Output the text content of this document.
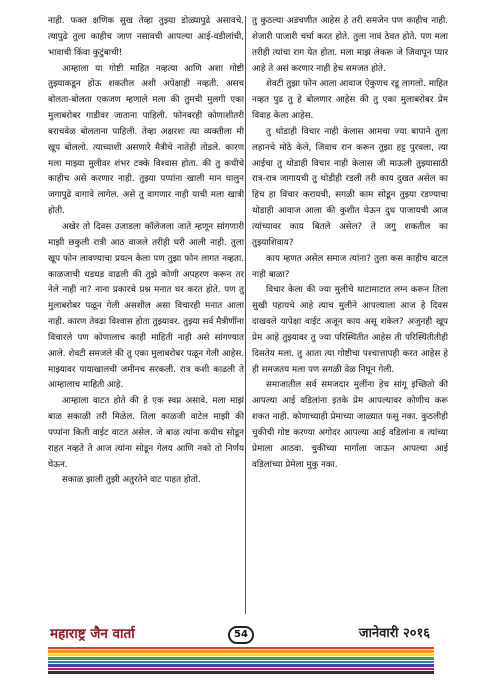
नाही. फक्त क्षणिक सुख तेव्हा तुझ्या डोळ्यापुढे असावचे. त्यापुढे तुला काहीच जाण नसावची आपल्या आई-वडीलांची, भावाची किंवा कुटुंबाची!

आम्हाला या गोष्टी माहित नव्हत्या आणि अशा गोष्टी तुझ्याकडून होऊ शकतील अशी अपेक्षाही नव्हती. असच बोलता-बोलता एकजण म्हणाले मला की तुमची मुलगी एका मुलाबरोबर गाडीवर जाताना पाहिली. फोनवरही कोणाशीतरी बराचवेळ बोलताना पाहिली. तेव्हा अक्षरशः त्या व्यक्तीला मी खूप बोललो. त्याच्याशी असणारे मैत्रीचे नातेही तोडले. कारण मला माझ्या मुलीवर शंभर टक्के विश्वास होता. की तु कधीचे काहीच असे करणार नाही. तुझ्या पप्पांना खाली मान घालुन जगापुढे वागावे लागेल. असे तु वागणार नाही याची मला खात्री होती.

अखेर तो दिवस उजाडला कॉलेजला जाते म्हणून सांगणारी माझी छकुली रात्री आठ वाजले तरीही घरी आली नाही. तुला खूप फोन लावण्याचा प्रयत्न केला पण तुझा फोन लागत नव्हता. काळजाची धडधड वाढली की तुझे कोणी अपहरण करून तर नेले नाही ना? नाना प्रकारचे प्रश्न मनात घर करत होते. पण तु मुलाबरोबर पळून गेली असशील असा विचारही मनात आला नाही. कारण तेवढा विश्वास होता तुझ्यावर. तुझ्या सर्व मैत्रीणींना विचारले पण कोणालाच काही माहिती नाही असे सांगण्यात आले. शेवटी समजले की तु एका मुलाबरोबर पळून गेली आहेस. माझ्यावर पायाखालची जमीनच सरकली. रात्र कशी काढली ते आम्हालाच माहिती आहे.

आम्हाला वाटत होते की हे एक स्वप्न असावे. मला माझं बाळ सकाळी तरी मिळेल. तिला काळजी वाटेल माझी की पप्पांना किती वाईट वाटत असेल. जे बाळ त्यांना कधीच सोडून राहत नव्हते ते आज त्यांना सोडून गेलय आणि नको तो निर्णय घेऊन.

सकाळ झाली तुझी अतुरतेने वाट पाहत होतो.

तु कुठल्या अडचणीत आहेस हे तरी समजेन पण काहीच नाही. शेजारी पाजारी चर्चा करत होते. तुला नावं ठेवत होते. पण मला तरीही त्यांचा राग येत होता. मला माझ लेकरू जे जिवापून प्यार आहे ते असं करणार नाही हेच समजत होते.

शेवटी तुझा फोन आला आवाज ऐकुणच रडू लागलो. माहित नव्हत पुढ तु हे बोलणार आहेस की तु एका मुलाबरोबर प्रेम विवाह केला आहेस.

तु थोडाही विचार नाही केलास आमचा ज्या बापाने तुला लहानचे मोठे केले, जिवाच रान करून तुझा हट्ट पुरवला, त्या आईचा तु थोडाही विचार नाही केलास जी माऊली तुझ्यासाठी रात्र-रात्र जागायची तु थोडीही रडली तरी काय दुखत असेल का हिच हा विचार करायची, सगळी काम सोडून तुझ्या रडण्याचा थोडाही आवाज आला की कुशीत घेऊन दुध पाजायची आज त्यांच्यावर काय बितले असेल? ते जगु शकतील का तुझ्याशिवाय?

काय म्हणत असेल समाज त्यांना? तुला कस काहीच वाटल नाही बाळा?

विचार केला की ज्या मुलीचे थाटामाटात लग्न करून तिला सुखी पहायचे आहे त्याच मुलीने आपल्याला आज हे दिवस दाखवले यापेक्षा वाईट अजून काय असू शकेल? अजुनही खूप प्रेम आहे तुझ्यावर तु ज्या परिस्थितीत आहेस ती परिस्थितीतीही दिसतेय मला. तु आता त्या गोष्टीचा पश्चात्तापही करत आहेस हे ही समजतय मला पण सगळी वेळ निघून गेली.

समाजातील सर्व समजदार मुलींना हेच सांगू इच्छितो की आपल्या आई वडिलांना इतके प्रेम आपल्यावर कोणीच करू शकत नाही. कोणाच्याही प्रेमाच्या जाळ्यात फसु नका. कुठलीही चुकीची गोष्ट करण्या अगोदर आपल्या आई वडिलांना व त्यांच्या प्रेमाला आठवा. चुकीच्या मार्गाला जाऊन आपल्या आई वडिलांच्या प्रेमेला मुकु नका.

महाराष्ट्र जैन वार्ता	54	जानेवारी २०१६
